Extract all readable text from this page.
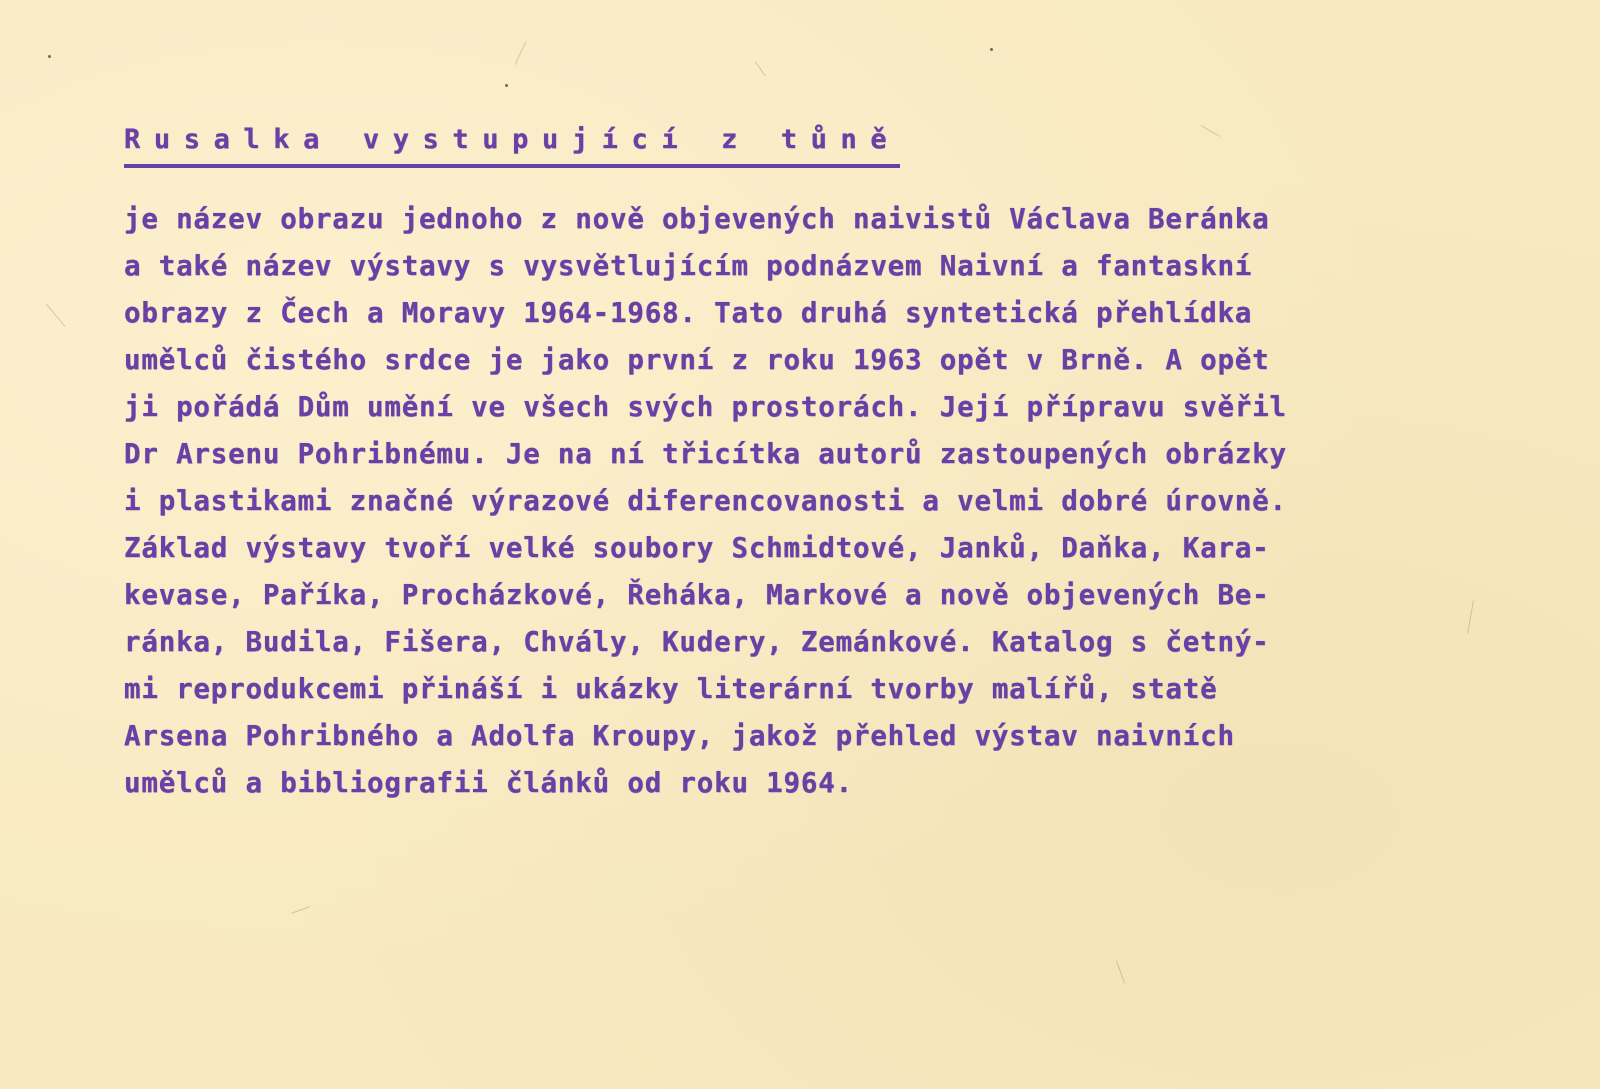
Rusalka vystupující z tůně
je název obrazu jednoho z nově objevených naivistů Václava Beránka
a také název výstavy s vysvětlujícím podnázvem Naivní a fantaskní
obrazy z Čech a Moravy 1964-1968. Tato druhá syntetická přehlídka
umělců čistého srdce je jako první z roku 1963 opět v Brně. A opět
ji pořádá Dům umění ve všech svých prostorách. Její přípravu svěřil
Dr Arsenu Pohribnému. Je na ní třicítka autorů zastoupených obrázky
i plastikami značné výrazové diferencovanosti a velmi dobré úrovně.
Základ výstavy tvoří velké soubory Schmidtové, Janků, Daňka, Kara-
kevase, Paříka, Procházkové, Řeháka, Markové a nově objevených Be-
ránka, Budila, Fišera, Chvály, Kudery, Zemánkové. Katalog s četný-
mi reprodukcemi přináší i ukázky literární tvorby malířů, statě
Arsena Pohribného a Adolfa Kroupy, jakož přehled výstav naivních
umělců a bibliografii článků od roku 1964.
